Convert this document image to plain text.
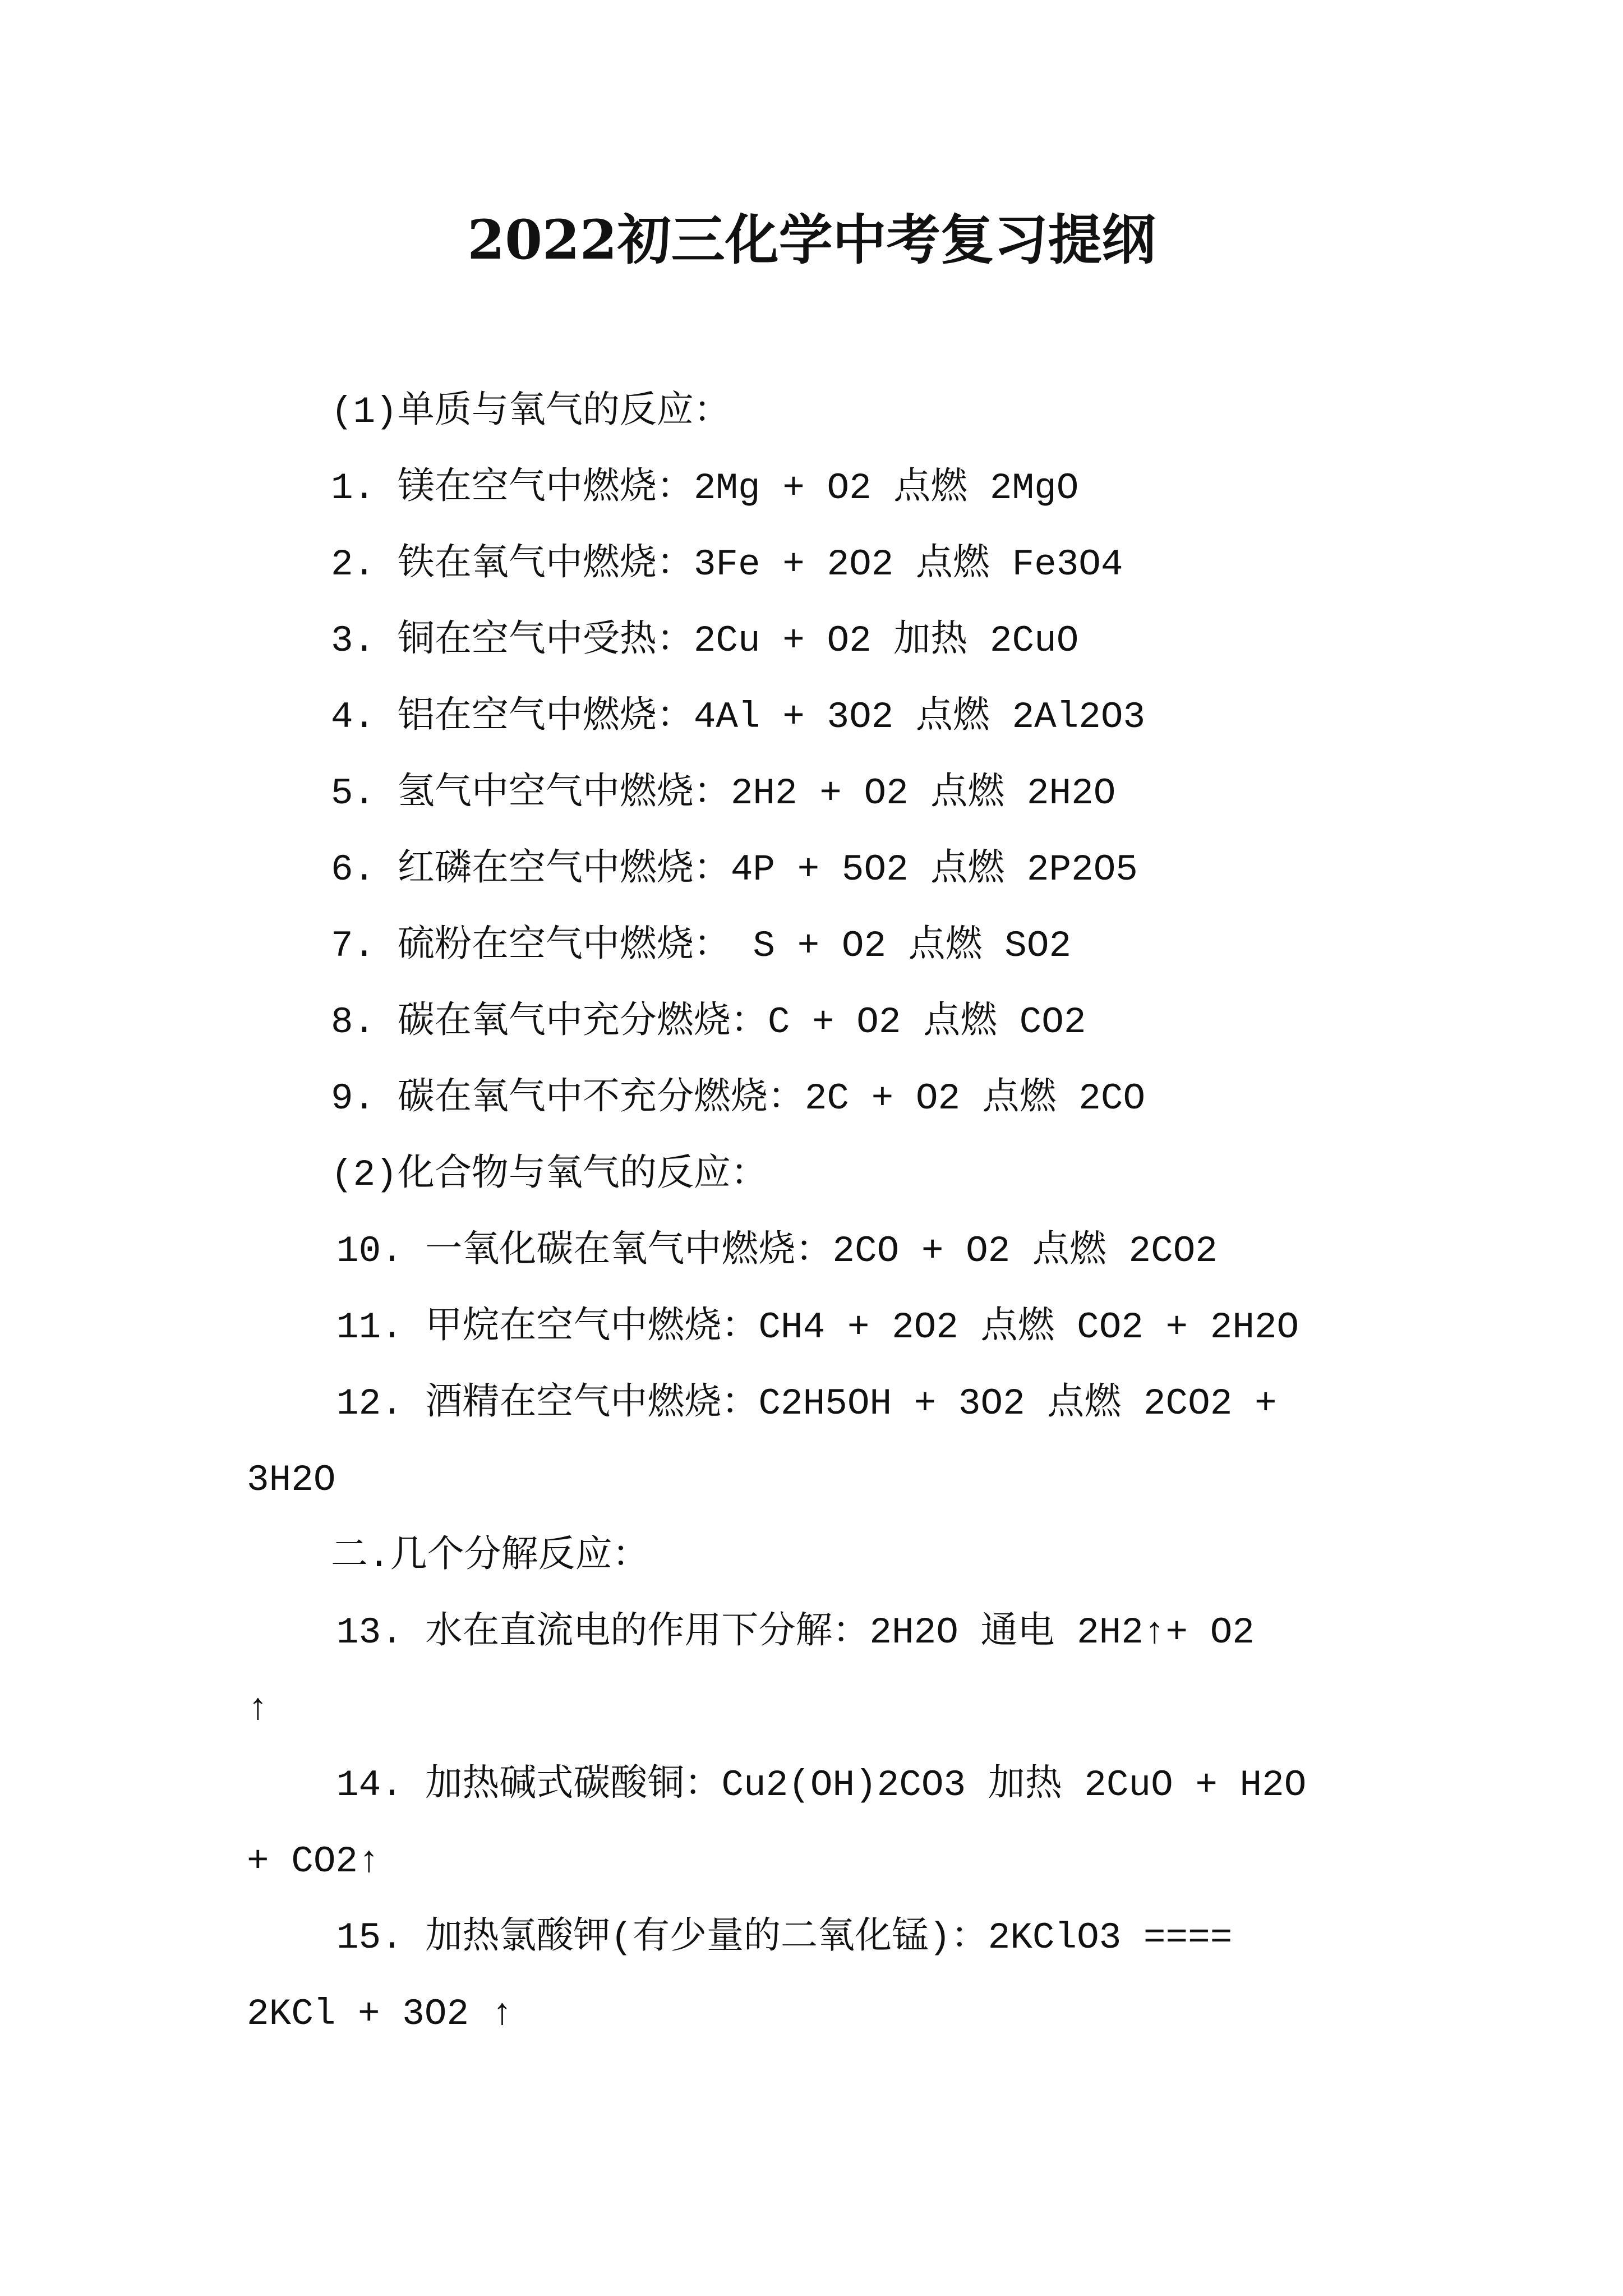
2022初三化学中考复习提纲
(1)单质与氧气的反应：
1. 镁在空气中燃烧：2Mg + O2 点燃 2MgO
2. 铁在氧气中燃烧：3Fe + 2O2 点燃 Fe3O4
3. 铜在空气中受热：2Cu + O2 加热 2CuO
4. 铝在空气中燃烧：4Al + 3O2 点燃 2Al2O3
5. 氢气中空气中燃烧：2H2 + O2 点燃 2H2O
6. 红磷在空气中燃烧：4P + 5O2 点燃 2P2O5
7. 硫粉在空气中燃烧： S + O2 点燃 SO2
8. 碳在氧气中充分燃烧：C + O2 点燃 CO2
9. 碳在氧气中不充分燃烧：2C + O2 点燃 2CO
(2)化合物与氧气的反应：
10. 一氧化碳在氧气中燃烧：2CO + O2 点燃 2CO2
11. 甲烷在空气中燃烧：CH4 + 2O2 点燃 CO2 + 2H2O
12. 酒精在空气中燃烧：C2H5OH + 3O2 点燃 2CO2 +
3H2O
二.几个分解反应：
13. 水在直流电的作用下分解：2H2O 通电 2H2↑+ O2
↑
14. 加热碱式碳酸铜：Cu2(OH)2CO3 加热 2CuO + H2O
+ CO2↑
15. 加热氯酸钾(有少量的二氧化锰)：2KClO3 ====
2KCl + 3O2 ↑
